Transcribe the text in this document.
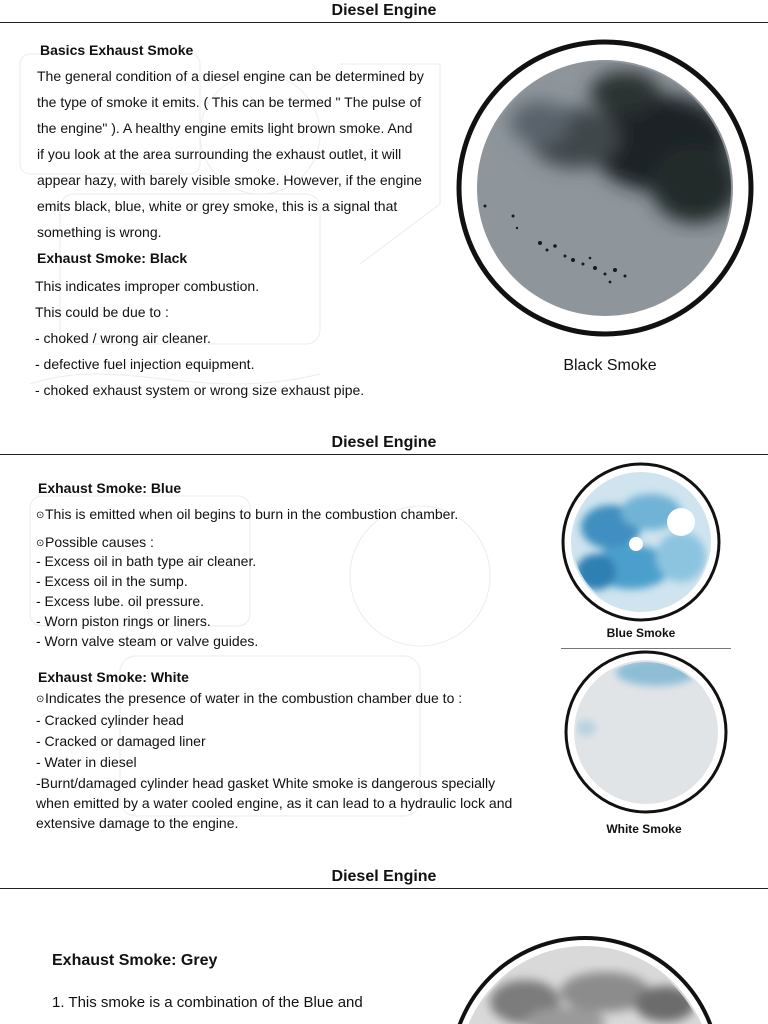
Diesel Engine
Basics Exhaust Smoke
The general condition of a diesel engine can be determined by
the type of smoke it emits. ( This can be termed " The pulse of
the engine" ). A healthy engine emits light brown smoke. And
if you look at the area surrounding the exhaust outlet, it will
appear hazy, with barely visible smoke. However, if the engine
emits black, blue, white or grey smoke, this is a signal that
something is wrong.
Exhaust Smoke: Black
This indicates improper combustion.
This could be due to :
- choked / wrong air cleaner.
- defective fuel injection equipment.
- choked exhaust system or wrong size exhaust pipe.
Black Smoke
Diesel Engine
Exhaust Smoke: Blue
⊙This is emitted when oil begins to burn in the combustion chamber.
⊙Possible causes :
- Excess oil in bath type air cleaner.
- Excess oil in the sump.
- Excess lube. oil pressure.
- Worn piston rings or liners.
- Worn valve steam or valve guides.
Exhaust Smoke: White
⊙Indicates the presence of water in the combustion chamber due to :
- Cracked cylinder head
- Cracked or damaged liner
- Water in diesel
-Burnt/damaged cylinder head gasket White smoke is dangerous specially
when emitted by a water cooled engine, as it can lead to a hydraulic lock and
extensive damage to the engine.
Blue Smoke
White Smoke
Diesel Engine
Exhaust Smoke: Grey
1. This smoke is a combination of the Blue and
